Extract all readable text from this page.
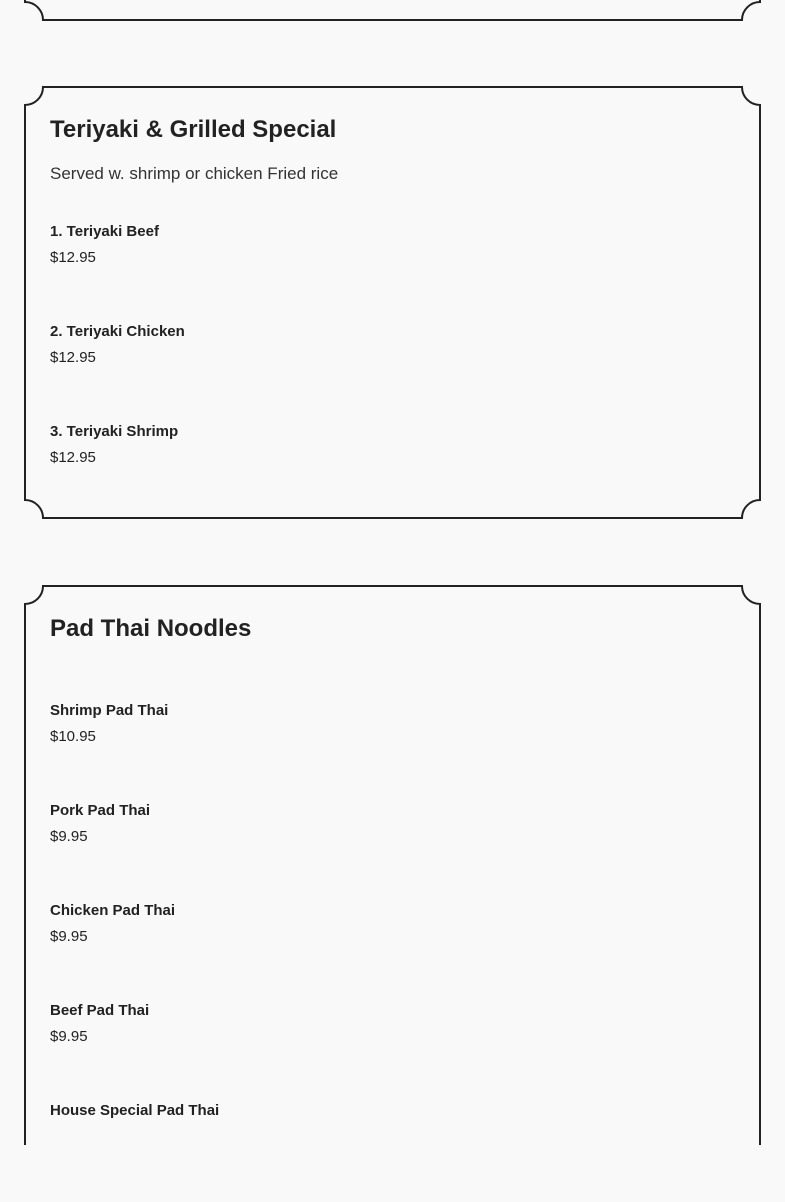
Teriyaki & Grilled Special

Served w. shrimp or chicken Fried rice

1. Teriyaki Beef
$12.95
2. Teriyaki Chicken
$12.95
3. Teriyaki Shrimp
$12.95
Pad Thai Noodles
Shrimp Pad Thai
$10.95
Pork Pad Thai
$9.95
Chicken Pad Thai
$9.95
Beef Pad Thai
$9.95
House Special Pad Thai
